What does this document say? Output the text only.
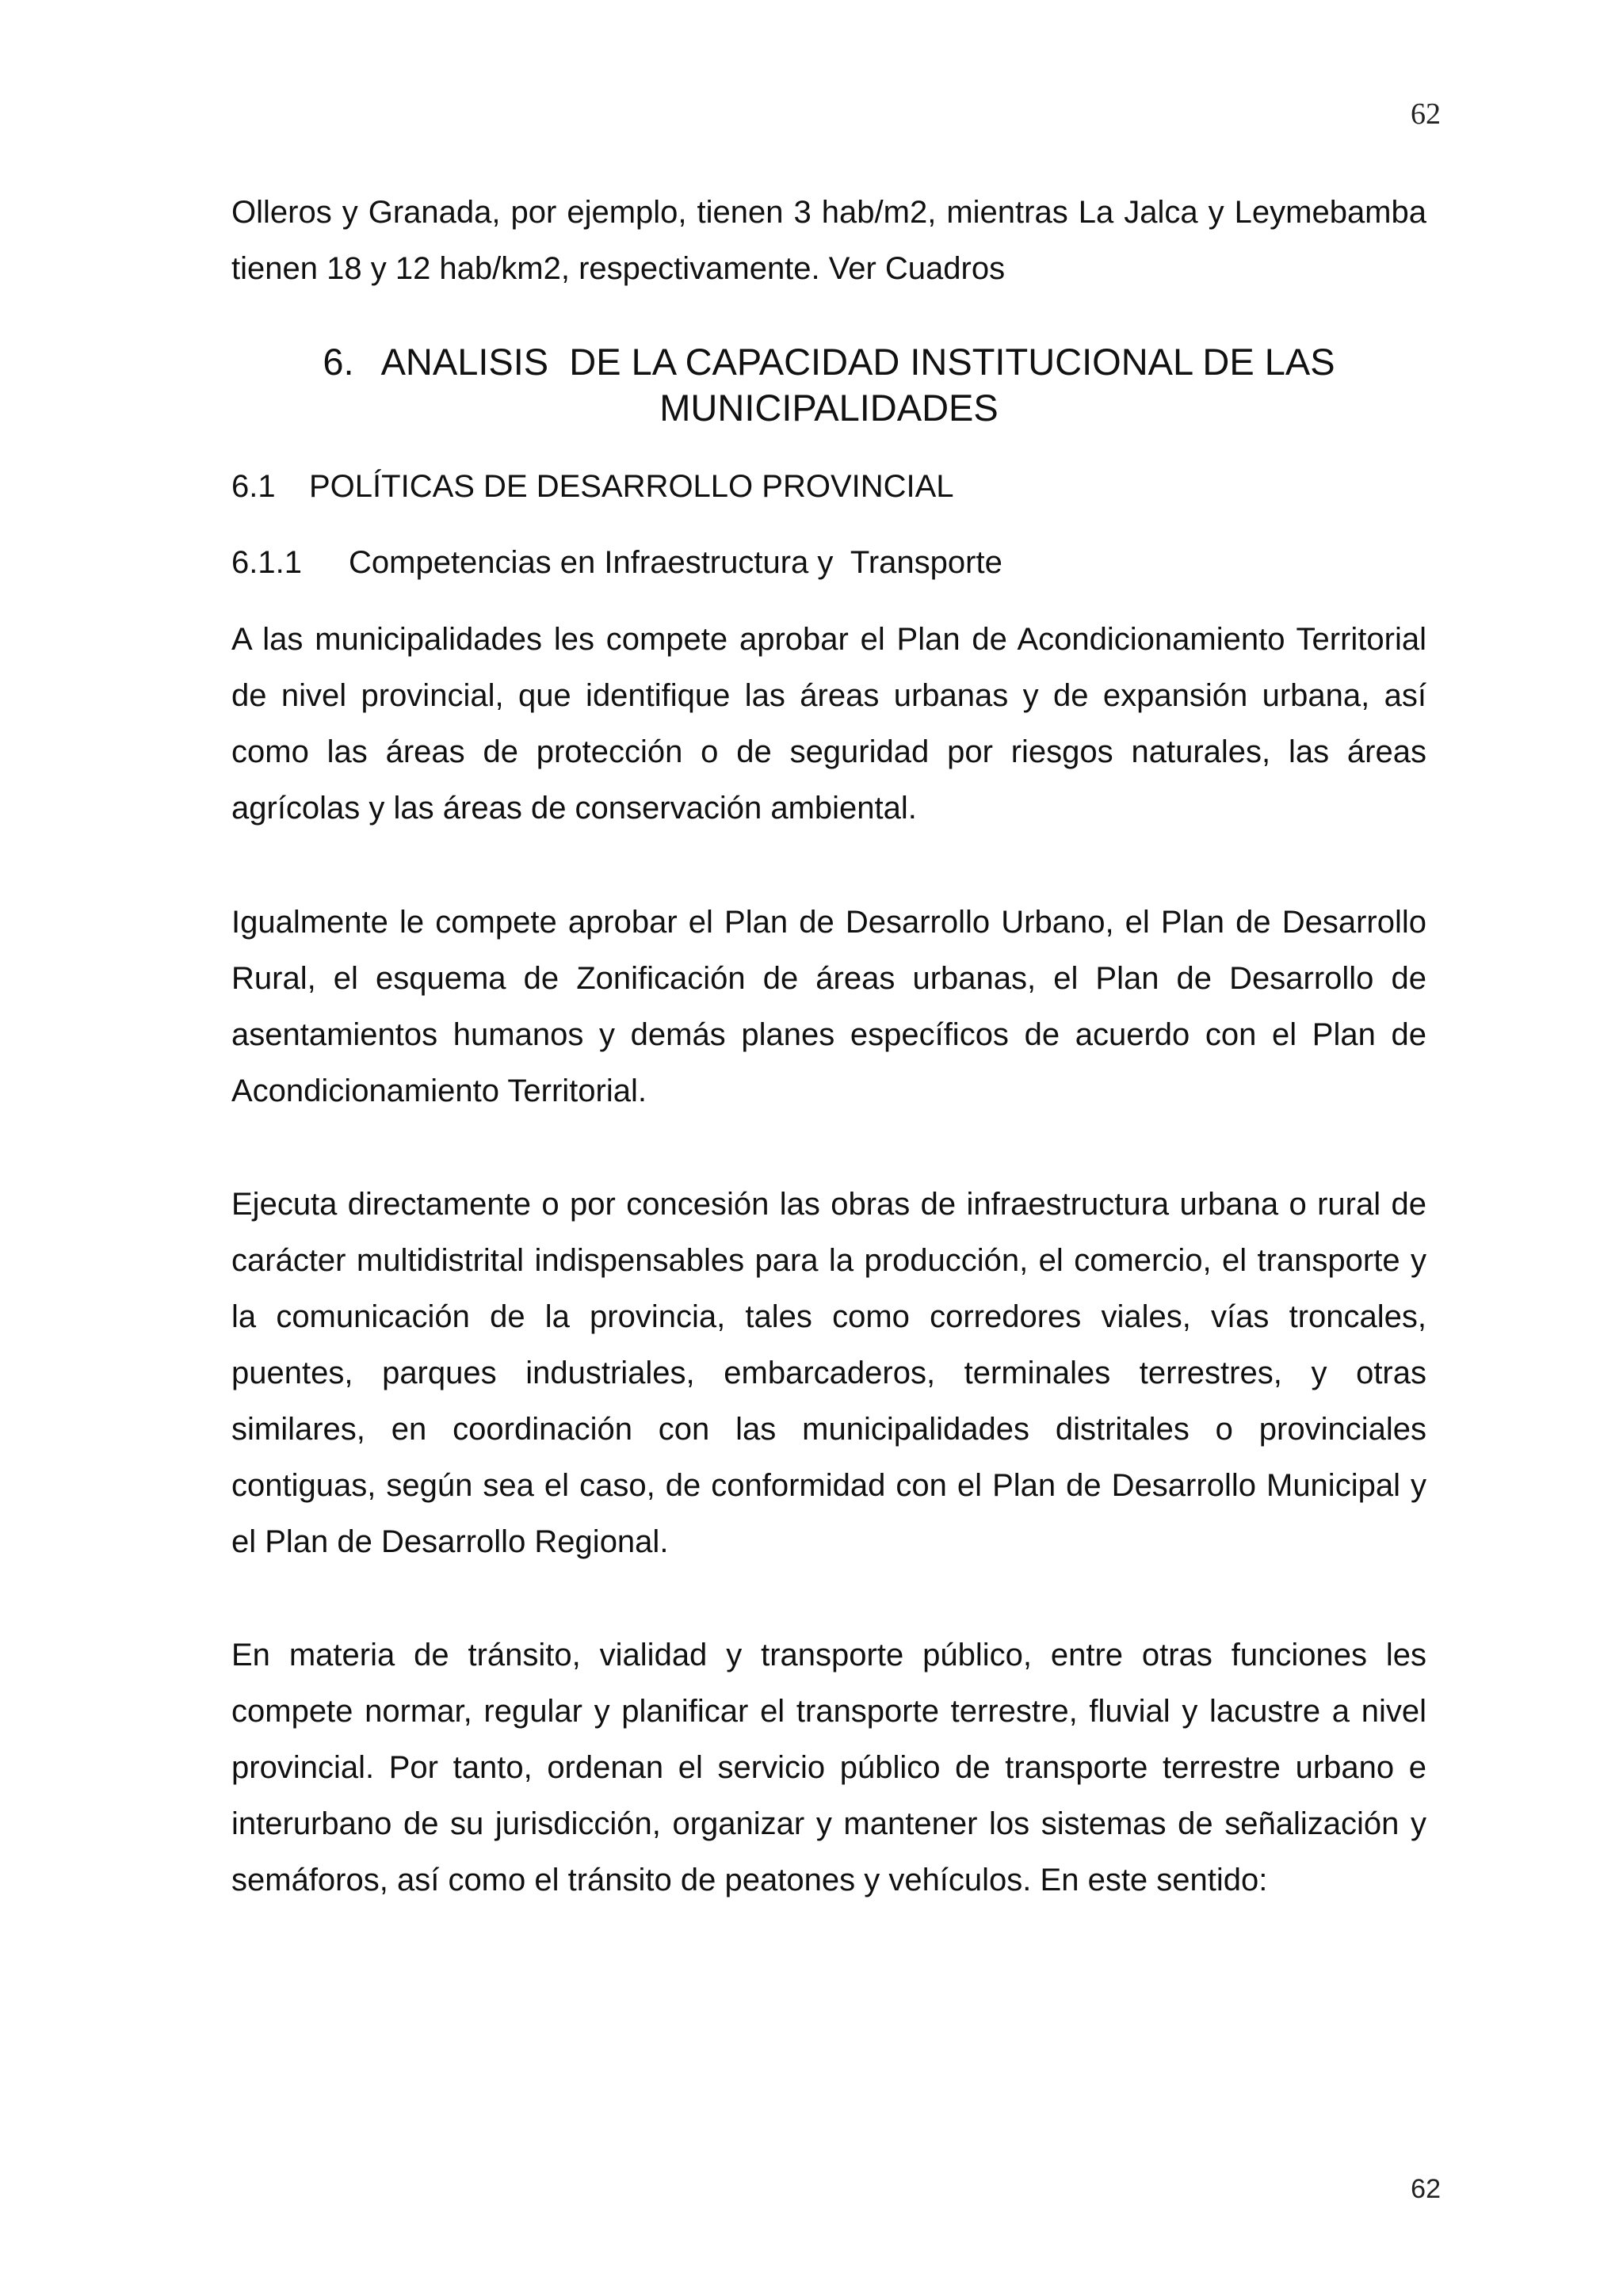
62

Olleros y Granada, por ejemplo, tienen 3 hab/m2, mientras La Jalca y Leymebamba tienen 18 y 12 hab/km2, respectivamente. Ver Cuadros

6. ANALISIS  DE LA CAPACIDAD INSTITUCIONAL DE LAS
MUNICIPALIDADES
6.1 POLÍTICAS DE DESARROLLO PROVINCIAL
6.1.1 Competencias en Infraestructura y  Transporte

A las municipalidades les compete aprobar el Plan de Acondicionamiento Territorial de nivel provincial, que identifique las áreas urbanas y de expansión urbana, así como las áreas de protección o de seguridad por riesgos naturales, las áreas agrícolas y las áreas de conservación ambiental.

Igualmente le compete aprobar el Plan de Desarrollo Urbano, el Plan de Desarrollo Rural, el esquema de Zonificación de áreas urbanas, el Plan de Desarrollo de asentamientos humanos y demás planes específicos de acuerdo con el Plan de Acondicionamiento Territorial.

Ejecuta directamente o por concesión las obras de infraestructura urbana o rural de carácter multidistrital indispensables para la producción, el comercio, el transporte y la comunicación de la provincia, tales como corredores viales, vías troncales, puentes, parques industriales, embarcaderos, terminales terrestres, y otras similares, en coordinación con las municipalidades distritales o provinciales contiguas, según sea el caso, de conformidad con el Plan de Desarrollo Municipal y el Plan de Desarrollo Regional.

En materia de tránsito, vialidad y transporte público, entre otras funciones les compete normar, regular y planificar el transporte terrestre, fluvial y lacustre a nivel provincial. Por tanto, ordenan el servicio público de transporte terrestre urbano e interurbano de su jurisdicción, organizar y mantener los sistemas de señalización y semáforos, así como el tránsito de peatones y vehículos. En este sentido:

62
